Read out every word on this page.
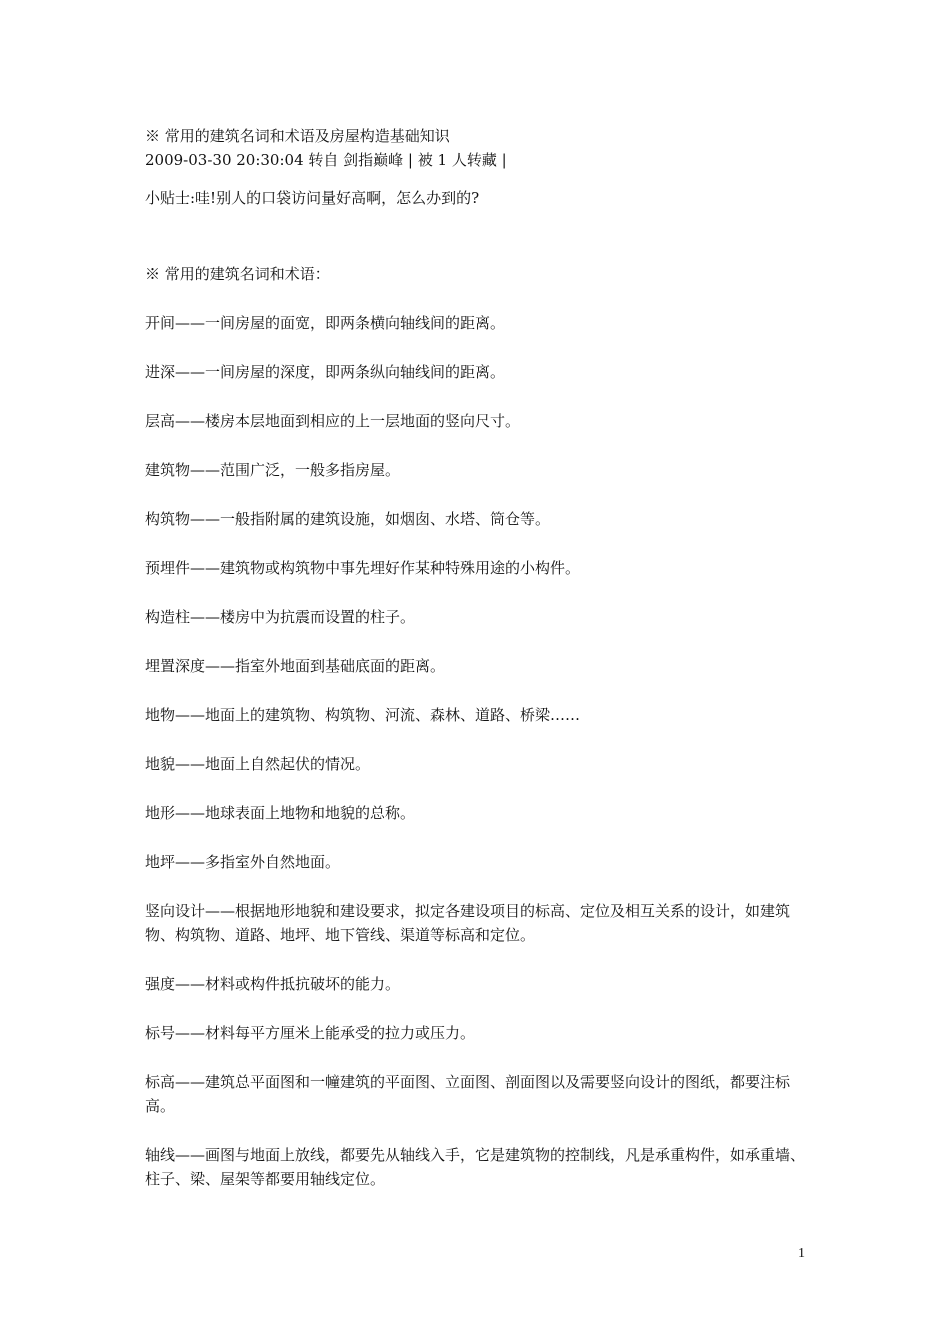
※ 常用的建筑名词和术语及房屋构造基础知识
2009-03-30 20:30:04 转自 剑指巅峰 | 被 1 人转藏 |
小贴士:哇!别人的口袋访问量好高啊，怎么办到的?
※ 常用的建筑名词和术语：
开间——一间房屋的面宽，即两条横向轴线间的距离。
进深——一间房屋的深度，即两条纵向轴线间的距离。
层高——楼房本层地面到相应的上一层地面的竖向尺寸。
建筑物——范围广泛，一般多指房屋。
构筑物——一般指附属的建筑设施，如烟囱、水塔、筒仓等。
预埋件——建筑物或构筑物中事先埋好作某种特殊用途的小构件。
构造柱——楼房中为抗震而设置的柱子。
埋置深度——指室外地面到基础底面的距离。
地物——地面上的建筑物、构筑物、河流、森林、道路、桥梁……
地貌——地面上自然起伏的情况。
地形——地球表面上地物和地貌的总称。
地坪——多指室外自然地面。
竖向设计——根据地形地貌和建设要求，拟定各建设项目的标高、定位及相互关系的设计，如建筑物、构筑物、道路、地坪、地下管线、渠道等标高和定位。
强度——材料或构件抵抗破坏的能力。
标号——材料每平方厘米上能承受的拉力或压力。
标高——建筑总平面图和一幢建筑的平面图、立面图、剖面图以及需要竖向设计的图纸，都要注标高。
轴线——画图与地面上放线，都要先从轴线入手，它是建筑物的控制线，凡是承重构件，如承重墙、柱子、梁、屋架等都要用轴线定位。
1
